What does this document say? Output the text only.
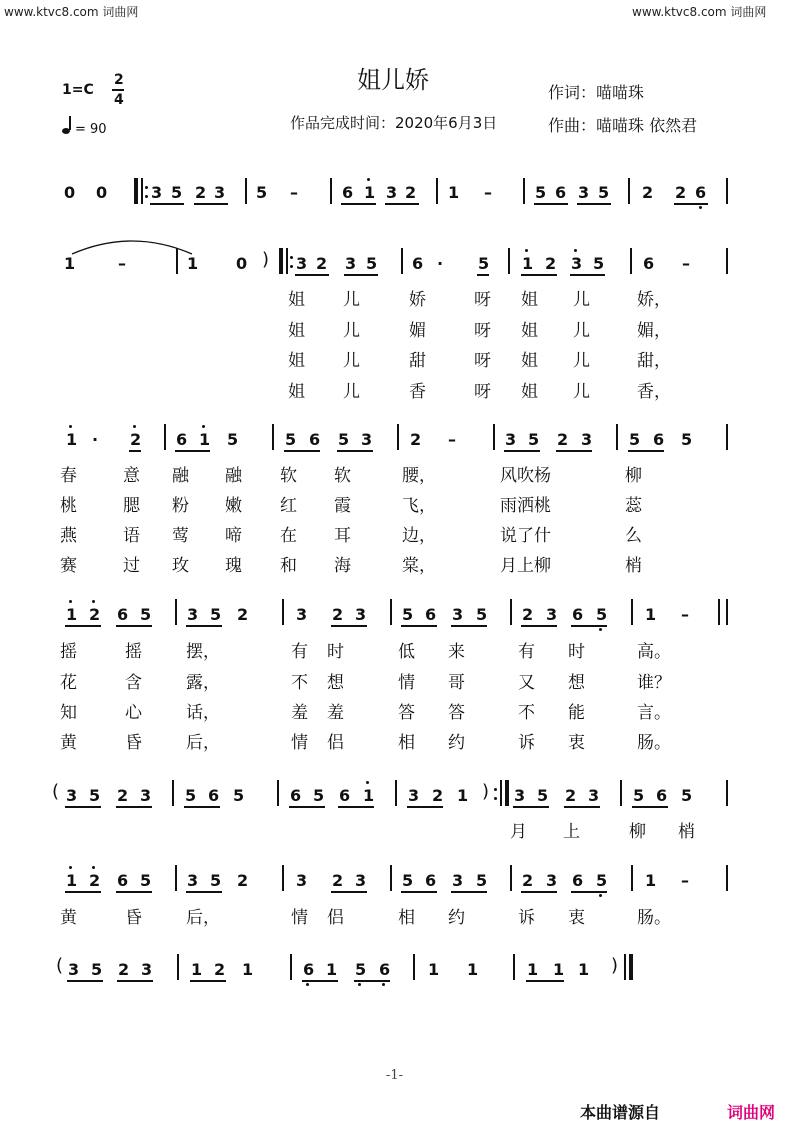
www.ktvc8.com 词曲网	www.ktvc8.com 词曲网
姐儿娇
1=C
2
4
= 90	作品完成时间：2020年6月3日
作词：喵喵珠
作曲：喵喵珠 依然君
0 0	3 5 2 3 5 –	6 1 3 2 1 –	5 6 3 5 2 2 6
1	–	1 0 ) 3 2 3 5 6 · 5 1 2 3 5 6 –
姐 儿	娇	呀 姐 儿	娇，
姐 儿	媚	呀 姐 儿	媚，
姐 儿	甜	呀 姐 儿	甜，
姐 儿	香	呀 姐 儿	香，
1 · 2 6 1 5	5 6 5 3 2 –	3 5 2 3 5 6 5
春	意 融 融 软 软	腰，	风吹杨	柳
桃	腮 粉 嫩 红 霞	飞，	雨洒桃	蕊
燕	语 莺 啼 在 耳	边，	说了什	么
赛	过 玫 瑰 和 海	棠，	月上柳	梢
1 2 6 5 3 5 2	3 2 3 5 6 3 5 2 3 6 5 1 –
摇	摇	摆，	有 时	低 来	有 时	高。
花	含	露，	不 想	情 哥	又 想	谁？
知	心	话，	羞 羞	答 答	不 能	言。
黄	昏	后，	情 侣	相 约	诉 衷	肠。
( 3 5 2 3 5 6 5	6 5 6 1 3 2 1 ) 3 5 2 3 5 6 5
月 上	柳 梢
1 2 6 5 3 5 2	3 2 3 5 6 3 5 2 3 6 5 1 –
黄	昏	后，	情 侣	相 约	诉 衷	肠。
( 3 5 2 3 1 2 1	6 1 5 6 1 1	1 1 1 )
-1-
本曲谱源自	词曲网
